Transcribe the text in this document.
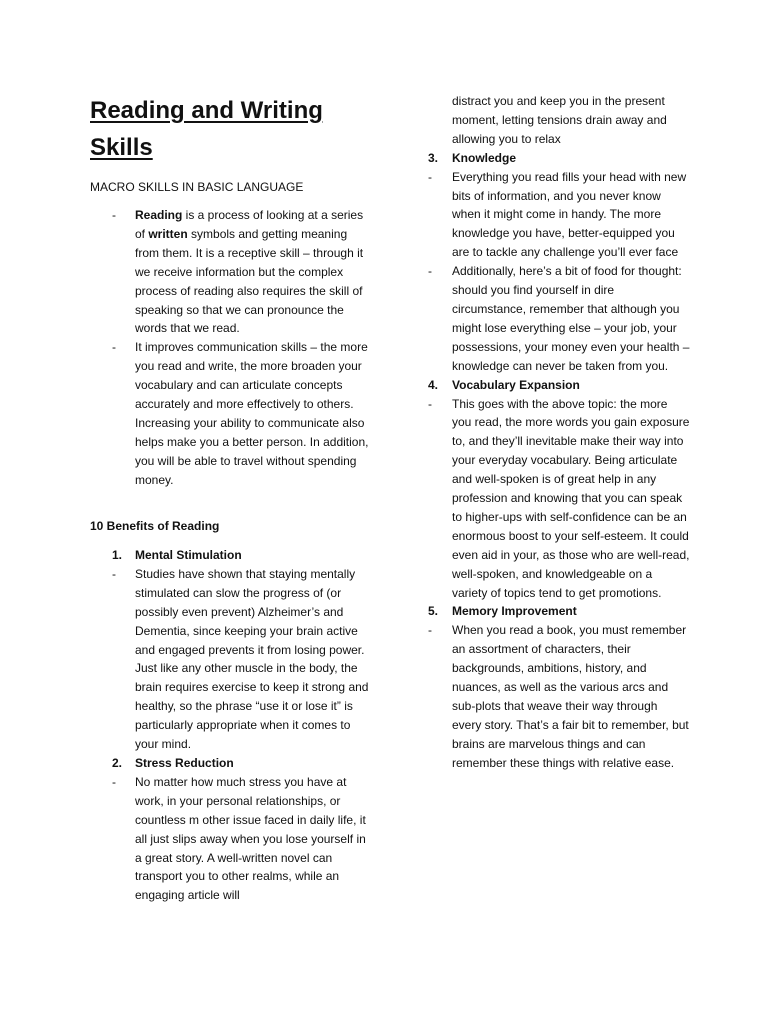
Reading and Writing
Skills

MACRO SKILLS IN BASIC LANGUAGE

- Reading is a process of looking at a series of written symbols and getting meaning from them. It is a receptive skill – through it we receive information but the complex process of reading also requires the skill of speaking so that we can pronounce the words that we read.
- It improves communication skills – the more you read and write, the more broaden your vocabulary and can articulate concepts accurately and more effectively to others. Increasing your ability to communicate also helps make you a better person. In addition, you will be able to travel without spending money.

10 Benefits of Reading

1. Mental Stimulation
- Studies have shown that staying mentally stimulated can slow the progress of (or possibly even prevent) Alzheimer’s and Dementia, since keeping your brain active and engaged prevents it from losing power. Just like any other muscle in the body, the brain requires exercise to keep it strong and healthy, so the phrase “use it or lose it” is particularly appropriate when it comes to your mind.
2. Stress Reduction
- No matter how much stress you have at work, in your personal relationships, or countless m other issue faced in daily life, it all just slips away when you lose yourself in a great story. A well-written novel can transport you to other realms, while an engaging article will
distract you and keep you in the present moment, letting tensions drain away and allowing you to relax
3. Knowledge
- Everything you read fills your head with new bits of information, and you never know when it might come in handy. The more knowledge you have, better-equipped you are to tackle any challenge you’ll ever face
- Additionally, here’s a bit of food for thought: should you find yourself in dire circumstance, remember that although you might lose everything else – your job, your possessions, your money even your health – knowledge can never be taken from you.
4. Vocabulary Expansion
- This goes with the above topic: the more you read, the more words you gain exposure to, and they’ll inevitable make their way into your everyday vocabulary. Being articulate and well-spoken is of great help in any profession and knowing that you can speak to higher-ups with self-confidence can be an enormous boost to your self-esteem. It could even aid in your, as those who are well-read, well-spoken, and knowledgeable on a variety of topics tend to get promotions.
5. Memory Improvement
- When you read a book, you must remember an assortment of characters, their backgrounds, ambitions, history, and nuances, as well as the various arcs and sub-plots that weave their way through every story. That’s a fair bit to remember, but brains are marvelous things and can remember these things with relative ease.
